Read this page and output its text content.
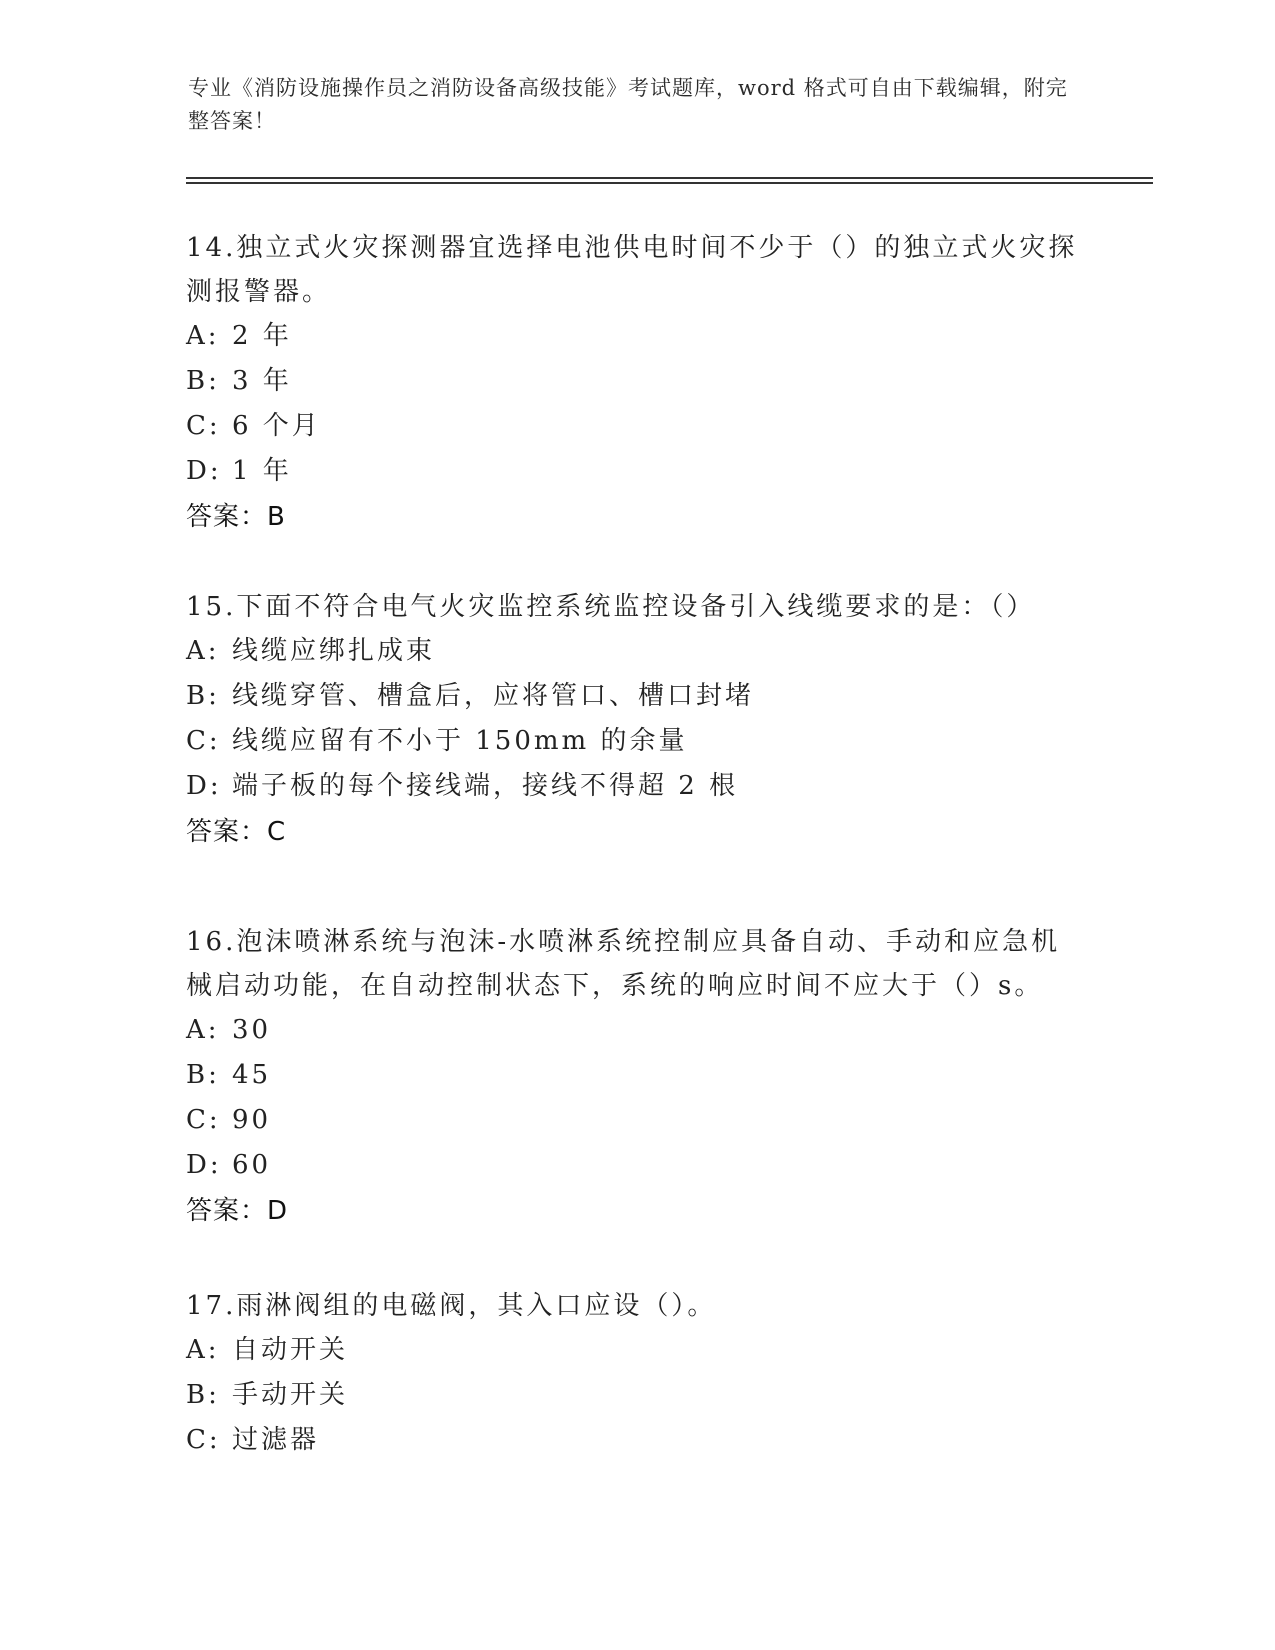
专业《消防设施操作员之消防设备高级技能》考试题库，word 格式可自由下载编辑，附完整答案！

14.独立式火灾探测器宜选择电池供电时间不少于（）的独立式火灾探测报警器。

A: 2 年

B: 3 年

C: 6 个月

D: 1 年

答案：B

15.下面不符合电气火灾监控系统监控设备引入线缆要求的是：（）

A: 线缆应绑扎成束

B: 线缆穿管、槽盒后，应将管口、槽口封堵

C: 线缆应留有不小于 150mm 的余量

D: 端子板的每个接线端，接线不得超 2 根

答案：C

16.泡沫喷淋系统与泡沫-水喷淋系统控制应具备自动、手动和应急机械启动功能，在自动控制状态下，系统的响应时间不应大于（）s。

A: 30

B: 45

C: 90

D: 60

答案：D

17.雨淋阀组的电磁阀，其入口应设（）。

A: 自动开关

B: 手动开关

C: 过滤器
